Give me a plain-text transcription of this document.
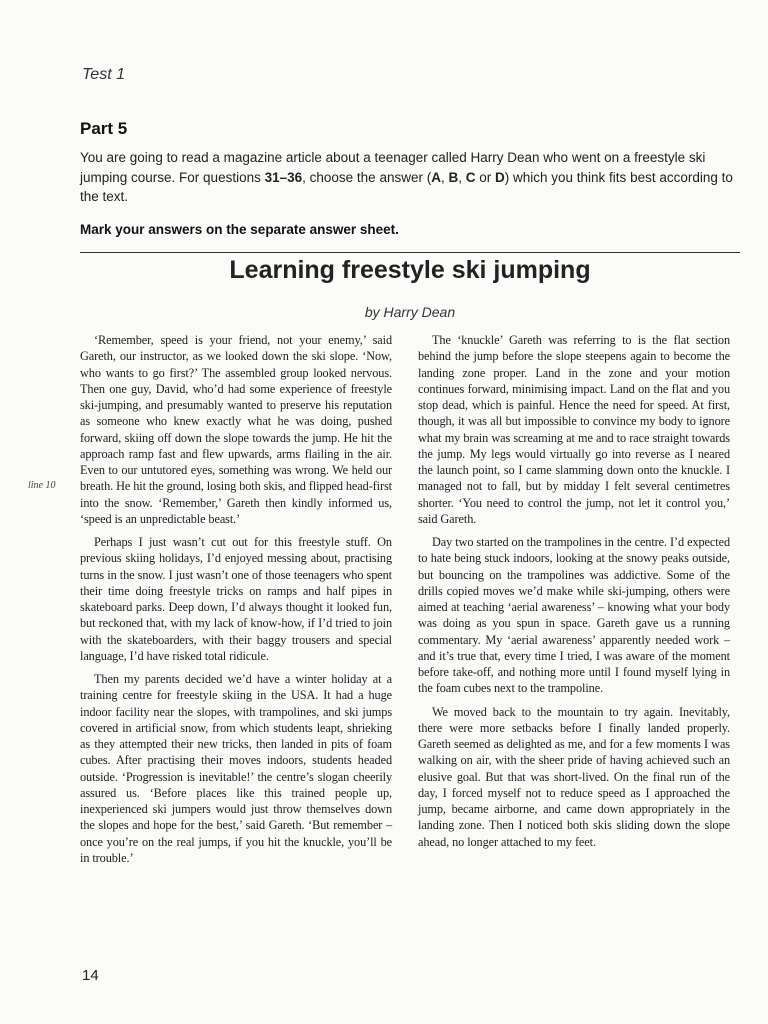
Test 1
Part 5
You are going to read a magazine article about a teenager called Harry Dean who went on a freestyle ski jumping course. For questions 31–36, choose the answer (A, B, C or D) which you think fits best according to the text.
Mark your answers on the separate answer sheet.
Learning freestyle ski jumping
by Harry Dean
line 10

‘Remember, speed is your friend, not your enemy,’ said Gareth, our instructor, as we looked down the ski slope. ‘Now, who wants to go first?’ The assembled group looked nervous. Then one guy, David, who’d had some experience of freestyle ski-jumping, and presumably wanted to preserve his reputation as someone who knew exactly what he was doing, pushed forward, skiing off down the slope towards the jump. He hit the approach ramp fast and flew upwards, arms flailing in the air. Even to our untutored eyes, something was wrong. We held our breath. He hit the ground, losing both skis, and flipped head-first into the snow. ‘Remember,’ Gareth then kindly informed us, ‘speed is an unpredictable beast.’

Perhaps I just wasn’t cut out for this freestyle stuff. On previous skiing holidays, I’d enjoyed messing about, practising turns in the snow. I just wasn’t one of those teenagers who spent their time doing freestyle tricks on ramps and half pipes in skateboard parks. Deep down, I’d always thought it looked fun, but reckoned that, with my lack of know-how, if I’d tried to join with the skateboarders, with their baggy trousers and special language, I’d have risked total ridicule.

Then my parents decided we’d have a winter holiday at a training centre for freestyle skiing in the USA. It had a huge indoor facility near the slopes, with trampolines, and ski jumps covered in artificial snow, from which students leapt, shrieking as they attempted their new tricks, then landed in pits of foam cubes. After practising their moves indoors, students headed outside. ‘Progression is inevitable!’ the centre’s slogan cheerily assured us. ‘Before places like this trained people up, inexperienced ski jumpers would just throw themselves down the slopes and hope for the best,’ said Gareth. ‘But remember – once you’re on the real jumps, if you hit the knuckle, you’ll be in trouble.’

The ‘knuckle’ Gareth was referring to is the flat section behind the jump before the slope steepens again to become the landing zone proper. Land in the zone and your motion continues forward, minimising impact. Land on the flat and you stop dead, which is painful. Hence the need for speed. At first, though, it was all but impossible to convince my body to ignore what my brain was screaming at me and to race straight towards the jump. My legs would virtually go into reverse as I neared the launch point, so I came slamming down onto the knuckle. I managed not to fall, but by midday I felt several centimetres shorter. ‘You need to control the jump, not let it control you,’ said Gareth.

Day two started on the trampolines in the centre. I’d expected to hate being stuck indoors, looking at the snowy peaks outside, but bouncing on the trampolines was addictive. Some of the drills copied moves we’d make while ski-jumping, others were aimed at teaching ‘aerial awareness’ – knowing what your body was doing as you spun in space. Gareth gave us a running commentary. My ‘aerial awareness’ apparently needed work – and it’s true that, every time I tried, I was aware of the moment before take-off, and nothing more until I found myself lying in the foam cubes next to the trampoline.

We moved back to the mountain to try again. Inevitably, there were more setbacks before I finally landed properly. Gareth seemed as delighted as me, and for a few moments I was walking on air, with the sheer pride of having achieved such an elusive goal. But that was short-lived. On the final run of the day, I forced myself not to reduce speed as I approached the jump, became airborne, and came down appropriately in the landing zone. Then I noticed both skis sliding down the slope ahead, no longer attached to my feet.

14
